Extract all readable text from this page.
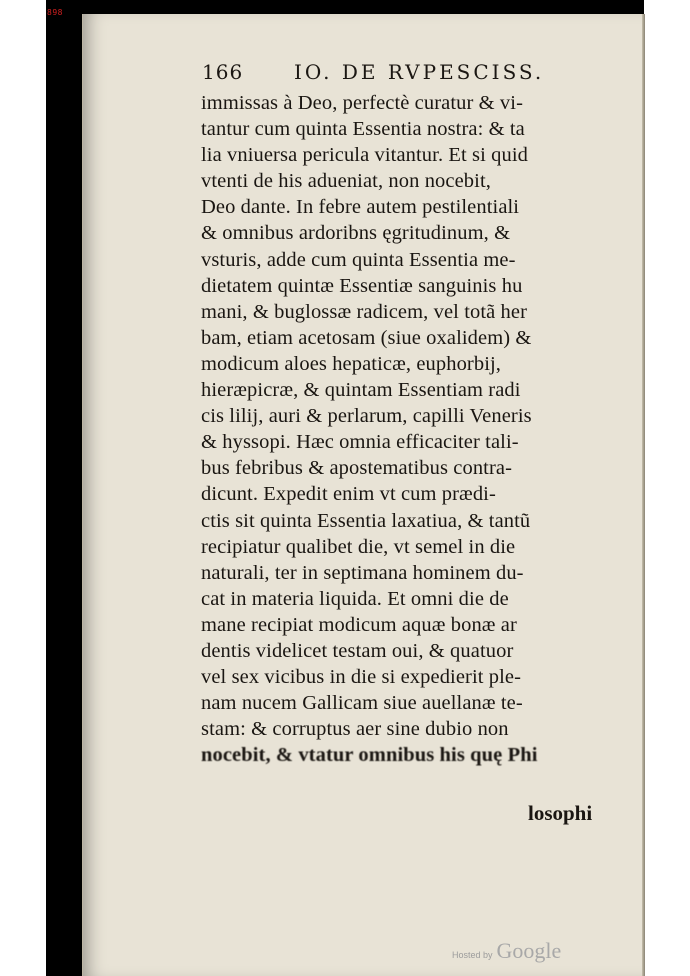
898
166	IO. DE RVPESCISS.
immissas à Deo, perfectè curatur & vi-
tantur cum quinta Essentia nostra: & ta
lia vniuersa pericula vitantur. Et si quid
vtenti de his adueniat, non nocebit,
Deo dante. In febre autem pestilentiali
& omnibus ardoribns ęgritudinum, &
vsturis, adde cum quinta Essentia me-
dietatem quintæ Essentiæ sanguinis hu
mani, & buglossæ radicem, vel totã her
bam, etiam acetosam (siue oxalidem) &
modicum aloes hepaticæ, euphorbij,
hieræpicræ, & quintam Essentiam radi
cis lilij, auri & perlarum, capilli Veneris
& hyssopi. Hæc omnia efficaciter tali-
bus febribus & apostematibus contra-
dicunt. Expedit enim vt cum prædi-
ctis sit quinta Essentia laxatiua, & tantũ
recipiatur qualibet die, vt semel in die
naturali, ter in septimana hominem du-
cat in materia liquida. Et omni die de
mane recipiat modicum aquæ bonæ ar
dentis videlicet testam oui, & quatuor
vel sex vicibus in die si expedierit ple-
nam nucem Gallicam siue auellanæ te-
stam: & corruptus aer sine dubio non
nocebit, & vtatur omnibus his quę Phi
losophi
Hosted by Google
